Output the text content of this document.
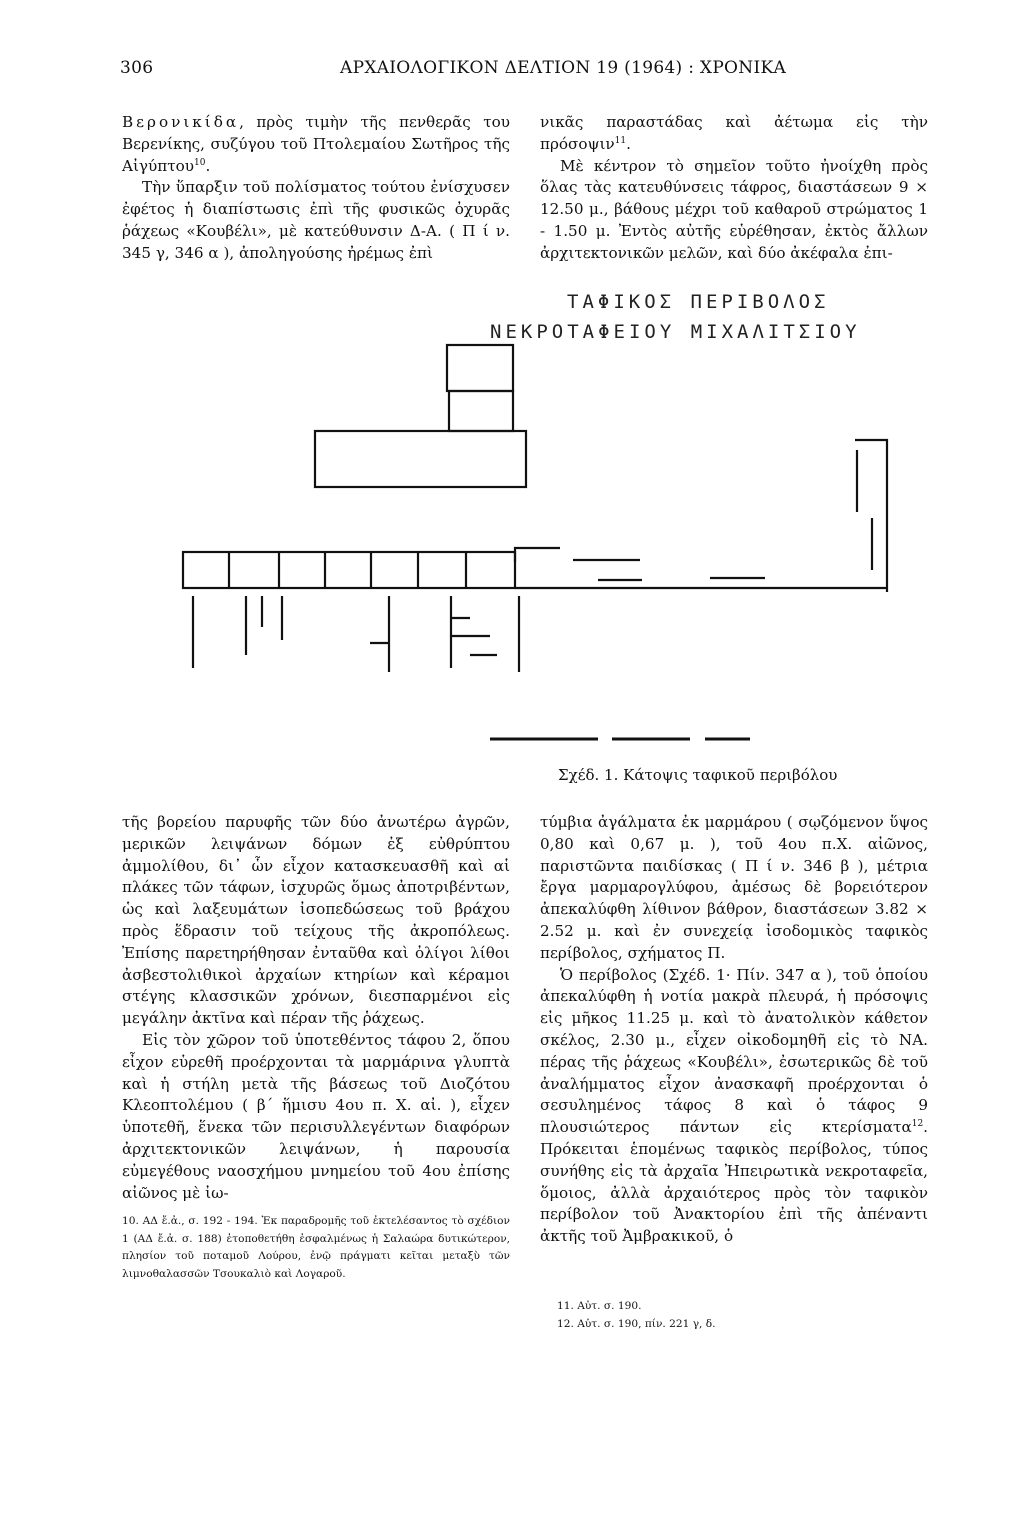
306	ΑΡΧΑΙΟΛΟΓΙΚΟΝ ΔΕΛΤΙΟΝ 19 (1964) : ΧΡΟΝΙΚΑ

Βερονικίδα, πρὸς τιμὴν τῆς πενθερᾶς του Βερενίκης, συζύγου τοῦ Πτολεμαίου Σωτῆρος τῆς Αἰγύπτου$^{10}$.

Τὴν ὕπαρξιν τοῦ πολίσματος τούτου ἐνίσχυσεν ἐφέτος ἡ διαπίστωσις ἐπὶ τῆς φυσικῶς ὀχυρᾶς ῥάχεως «Κουβέλι», μὲ κατεύθυνσιν Δ-Α. ( Π ί ν. 345 γ, 346 α ), ἀποληγούσης ἠρέμως ἐπὶ

νικᾶς παραστάδας καὶ ἀέτωμα εἰς τὴν πρόσοψιν$^{11}$.

Μὲ κέντρον τὸ σημεῖον τοῦτο ἠνοίχθη πρὸς ὅλας τὰς κατευθύνσεις τάφρος, διαστάσεων 9 × 12.50 μ., βάθους μέχρι τοῦ καθαροῦ στρώματος 1 - 1.50 μ. Ἐντὸς αὐτῆς εὑρέθησαν, ἐκτὸς ἄλλων ἀρχιτεκτονικῶν μελῶν, καὶ δύο ἀκέφαλα ἐπι-

ΤΑΦΙΚΟΣ ΠΕΡΙΒΟΛΟΣ
ΝΕΚΡΟΤΑΦΕΙΟΥ ΜΙΧΑΛΙΤΣΙΟΥ
Σχέδ. 1. Κάτοψις ταφικοῦ περιβόλου

τῆς βορείου παρυφῆς τῶν δύο ἀνωτέρω ἀγρῶν, μερικῶν λειψάνων δόμων ἐξ εὐθρύπτου ἀμμολίθου, δι᾿ ὧν εἶχον κατασκευασθῆ καὶ αἱ πλάκες τῶν τάφων, ἰσχυρῶς ὅμως ἀποτριβέντων, ὡς καὶ λαξευμάτων ἰσοπεδώσεως τοῦ βράχου πρὸς ἕδρασιν τοῦ τείχους τῆς ἀκροπόλεως. Ἐπίσης παρετηρήθησαν ἐνταῦθα καὶ ὀλίγοι λίθοι ἀσβεστολιθικοὶ ἀρχαίων κτηρίων καὶ κέραμοι στέγης κλασσικῶν χρόνων, διεσπαρμένοι εἰς μεγάλην ἀκτῖνα καὶ πέραν τῆς ῥάχεως.

Εἰς τὸν χῶρον τοῦ ὑποτεθέντος τάφου 2, ὅπου εἶχον εὑρεθῆ προέρχονται τὰ μαρμάρινα γλυπτὰ καὶ ἡ στήλη μετὰ τῆς βάσεως τοῦ Διοζότου Κλεοπτολέμου ( β΄ ἥμισυ 4ου π. Χ. αἰ. ), εἶχεν ὑποτεθῆ, ἕνεκα τῶν περισυλλεγέντων διαφόρων ἀρχιτεκτονικῶν λειψάνων, ἡ παρουσία εὐμεγέθους ναοσχήμου μνημείου τοῦ 4ου ἐπίσης αἰῶνος μὲ ἰω-

τύμβια ἀγάλματα ἐκ μαρμάρου ( σῳζόμενον ὕψος 0,80 καὶ 0,67 μ. ), τοῦ 4ου π.Χ. αἰῶνος, παριστῶντα παιδίσκας ( Π ί ν. 346 β ), μέτρια ἔργα μαρμαρογλύφου, ἀμέσως δὲ βορειότερον ἀπεκαλύφθη λίθινον βάθρον, διαστάσεων 3.82 × 2.52 μ. καὶ ἐν συνεχείᾳ ἰσοδομικὸς ταφικὸς περίβολος, σχήματος Π.

Ὁ περίβολος (Σχέδ. 1· Πίν. 347 α ), τοῦ ὁποίου ἀπεκαλύφθη ἡ νοτία μακρὰ πλευρά, ἡ πρόσοψις εἰς μῆκος 11.25 μ. καὶ τὸ ἀνατολικὸν κάθετον σκέλος, 2.30 μ., εἶχεν οἰκοδομηθῆ εἰς τὸ ΝΑ. πέρας τῆς ῥάχεως «Κουβέλι», ἐσωτερικῶς δὲ τοῦ ἀναλήμματος εἶχον ἀνασκαφῆ προέρχονται ὁ σεσυλημένος τάφος 8 καὶ ὁ τάφος 9 πλουσιώτερος πάντων εἰς κτερίσματα$^{12}$. Πρόκειται ἑπομένως ταφικὸς περίβολος, τύπος συνήθης εἰς τὰ ἀρχαῖα Ἠπειρωτικὰ νεκροταφεῖα, ὅμοιος, ἀλλὰ ἀρχαιότερος πρὸς τὸν ταφικὸν περίβολον τοῦ Ἀνακτορίου ἐπὶ τῆς ἀπέναντι ἀκτῆς τοῦ Ἀμβρακικοῦ, ὁ

10. ΑΔ ἔ.ἀ., σ. 192 - 194. Ἐκ παραδρομῆς τοῦ ἐκτελέσαντος τὸ σχέδιον 1 (ΑΔ ἔ.ἀ. σ. 188) ἐτοποθετήθη ἐσφαλμένως ἡ Σαλαώρα δυτικώτερον, πλησίον τοῦ ποταμοῦ Λούρου, ἐνῷ πράγματι κεῖται μεταξὺ τῶν λιμνοθαλασσῶν Τσουκαλιὸ καὶ Λογαροῦ.
11. Αὐτ. σ. 190.
12. Αὐτ. σ. 190, πίν. 221 γ, δ.
